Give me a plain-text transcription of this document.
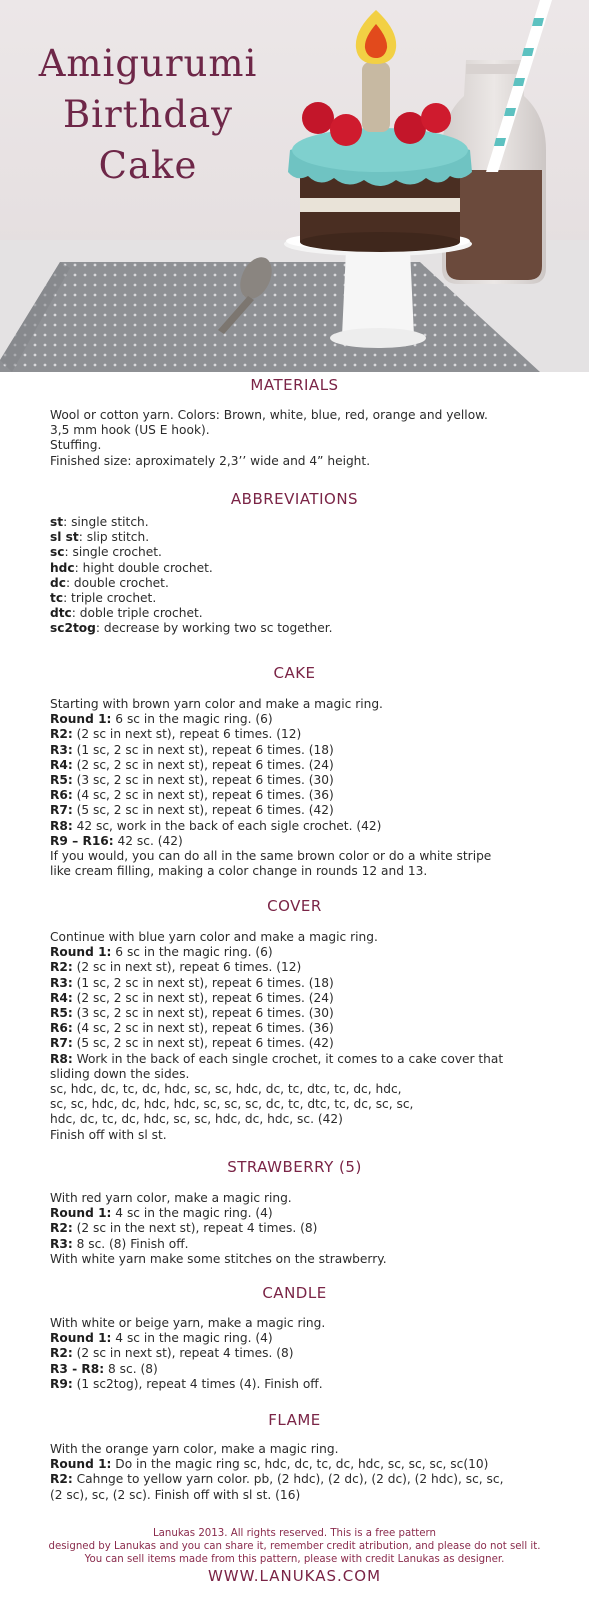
Amigurumi
Birthday
Cake
MATERIALS
Wool or cotton yarn. Colors: Brown, white, blue, red, orange and yellow.
3,5 mm hook (US E hook).
Stuffing.
Finished size: aproximately 2,3’’ wide and 4” height.
ABBREVIATIONS
st: single stitch.
sl st: slip stitch.
sc: single crochet.
hdc: hight double crochet.
dc: double crochet.
tc: triple crochet.
dtc: doble triple crochet.
sc2tog: decrease by working two sc together.
CAKE
Starting with brown yarn color and make a magic ring.
Round 1: 6 sc in the magic ring. (6)
R2: (2 sc in next st), repeat 6 times. (12)
R3: (1 sc, 2 sc in next st), repeat 6 times. (18)
R4: (2 sc, 2 sc in next st), repeat 6 times. (24)
R5: (3 sc, 2 sc in next st), repeat 6 times. (30)
R6: (4 sc, 2 sc in next st), repeat 6 times. (36)
R7: (5 sc, 2 sc in next st), repeat 6 times. (42)
R8: 42 sc, work in the back of each sigle crochet. (42)
R9 – R16: 42 sc. (42)
If you would, you can do all in the same brown color or do a white stripe
like cream filling, making a color change in rounds 12 and 13.
COVER
Continue with blue yarn color and make a magic ring.
Round 1: 6 sc in the magic ring. (6)
R2: (2 sc in next st), repeat 6 times. (12)
R3: (1 sc, 2 sc in next st), repeat 6 times. (18)
R4: (2 sc, 2 sc in next st), repeat 6 times. (24)
R5: (3 sc, 2 sc in next st), repeat 6 times. (30)
R6: (4 sc, 2 sc in next st), repeat 6 times. (36)
R7: (5 sc, 2 sc in next st), repeat 6 times. (42)
R8: Work in the back of each single crochet, it comes to a cake cover that
sliding down the sides.
sc, hdc, dc, tc, dc, hdc, sc, sc, hdc, dc, tc, dtc, tc, dc, hdc,
sc, sc, hdc, dc, hdc, hdc, sc, sc, sc, dc, tc, dtc, tc, dc, sc, sc,
hdc, dc, tc, dc, hdc, sc, sc, hdc, dc, hdc, sc. (42)
Finish off with sl st.
STRAWBERRY (5)
With red yarn color, make a magic ring.
Round 1: 4 sc in the magic ring. (4)
R2: (2 sc in the next st), repeat 4 times. (8)
R3: 8 sc. (8) Finish off.
With white yarn make some stitches on the strawberry.
CANDLE
With white or beige yarn, make a magic ring.
Round 1: 4 sc in the magic ring. (4)
R2: (2 sc in next st), repeat 4 times. (8)
R3 - R8: 8 sc. (8)
R9: (1 sc2tog), repeat 4 times (4). Finish off.
FLAME
With the orange yarn color, make a magic ring.
Round 1: Do in the magic ring sc, hdc, dc, tc, dc, hdc, sc, sc, sc, sc(10)
R2: Cahnge to yellow yarn color. pb, (2 hdc), (2 dc), (2 dc), (2 hdc), sc, sc,
(2 sc), sc, (2 sc). Finish off with sl st. (16)
Lanukas 2013. All rights reserved. This is a free pattern
designed by Lanukas and you can share it, remember credit atribution, and please do not sell it.
You can sell items made from this pattern, please with credit Lanukas as designer.
WWW.LANUKAS.COM
